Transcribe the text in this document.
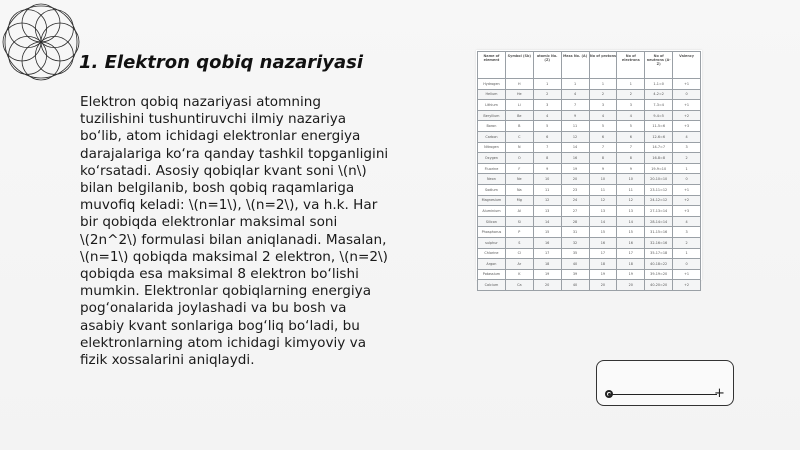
1. Elektron qobiq nazariyasi
Elektron qobiq nazariyasi atomning
tuzilishini tushuntiruvchi ilmiy nazariya
bo‘lib, atom ichidagi elektronlar energiya
darajalariga ko‘ra qanday tashkil topganligini
ko‘rsatadi. Asosiy qobiqlar kvant soni \(n\)
bilan belgilanib, bosh qobiq raqamlariga
muvofiq keladi: \(n=1\), \(n=2\), va h.k. Har
bir qobiqda elektronlar maksimal soni
\(2n^2\) formulasi bilan aniqlanadi. Masalan,
\(n=1\) qobiqda maksimal 2 elektron, \(n=2\)
qobiqda esa maksimal 8 elektron bo‘lishi
mumkin. Elektronlar qobiqlarning energiya
pog‘onalarida joylashadi va bu bosh va
asabiy kvant sonlariga bog‘liq bo‘ladi, bu
elektronlarning atom ichidagi kimyoviy va
fizik xossalarini aniqlaydi.
Name of element	Symbol (Sb)	atomic No. (Z)	Mass No. (A)	No of protons	No of electrons	No of neutrons (A-Z)	Valency
Hydrogen	H	1	1	1	1	1-1=0	+1
Helium	He	2	4	2	2	4-2=2	0
Lithium	Li	3	7	3	3	7-3=4	+1
Beryllium	Be	4	9	4	4	9-4=5	+2
Boron	B	5	11	5	5	11-5=6	+3
Carbon	C	6	12	6	6	12-6=6	4
Nitrogen	N	7	14	7	7	14-7=7	3
Oxygen	O	8	16	8	8	16-8=8	2
Fluorine	F	9	19	9	9	19-9=10	1
Neon	Ne	10	20	10	10	20-10=10	0
Sodium	Na	11	23	11	11	23-11=12	+1
Magnesium	Mg	12	24	12	12	24-12=12	+2
Aluminium	Al	13	27	13	13	27-13=14	+3
Silicon	Si	14	28	14	14	28-14=14	4
Phosphorus	P	15	31	15	15	31-15=16	3
sulphur	S	16	32	16	16	32-16=16	2
Chlorine	Cl	17	35	17	17	35-17=18	1
Argon	Ar	18	40	18	18	40-18=22	0
Potassium	K	19	39	19	19	39-19=20	+1
Calcium	Ca	20	40	20	20	40-20=20	+2
+
